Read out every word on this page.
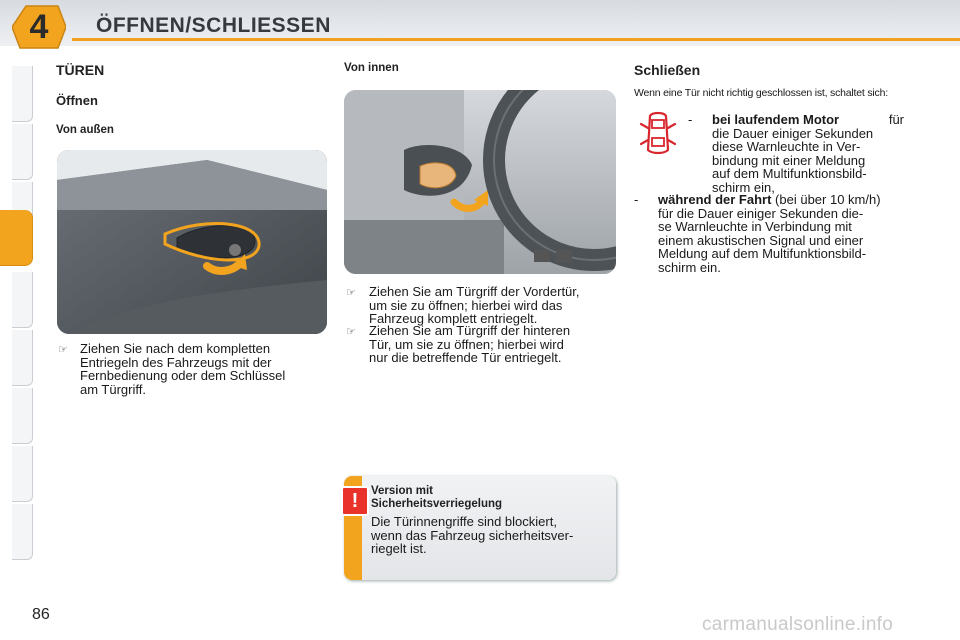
4	ÖFFNEN/SCHLIESSEN
TÜREN
Öffnen
Von außen
☞ Ziehen Sie nach dem kompletten
Entriegeln des Fahrzeugs mit der
Fernbedienung oder dem Schlüssel
am Türgriff.
Von innen
☞ Ziehen Sie am Türgriff der Vordertür,
um sie zu öffnen; hierbei wird das
Fahrzeug komplett entriegelt.
☞ Ziehen Sie am Türgriff der hinteren
Tür, um sie zu öffnen; hierbei wird
nur die betreffende Tür entriegelt.
!	Version mit
Sicherheitsverriegelung
Die Türinnengriffe sind blockiert,
wenn das Fahrzeug sicherheitsver-
riegelt ist.
Schließen
Wenn eine Tür nicht richtig geschlossen ist, schaltet sich:
- bei laufendem Motor	für
die Dauer einiger Sekunden
diese Warnleuchte in Ver-
bindung mit einer Meldung
auf dem Multifunktionsbild-
schirm ein,
- während der Fahrt (bei über 10 km/h)
für die Dauer einiger Sekunden die-
se Warnleuchte in Verbindung mit
einem akustischen Signal und einer
Meldung auf dem Multifunktionsbild-
schirm ein.
86	carmanualsonline.info
